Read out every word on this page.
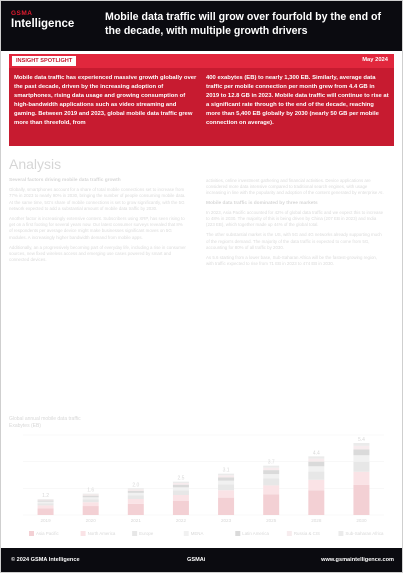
GSMA
Intelligence
Mobile data traffic will grow over fourfold by the end of the decade, with multiple growth drivers
INSIGHT SPOTLIGHT	May 2024
Mobile data traffic has experienced massive growth globally over the past decade, driven by the increasing adoption of smartphones, rising data usage and growing consumption of high-bandwidth applications such as video streaming and gaming. Between 2019 and 2023, global mobile data traffic grew more than threefold, from
400 exabytes (EB) to nearly 1,300 EB. Similarly, average data traffic per mobile connection per month grew from 4.4 GB in 2019 to 12.8 GB in 2023. Mobile data traffic will continue to rise at a significant rate through to the end of the decade, reaching more than 5,400 EB globally by 2030 (nearly 50 GB per mobile connection on average).
Analysis
Several factors driving mobile data traffic growth

Globally, smartphones account for a share of total mobile connections set to increase from 77% in 2023 to nearly 90% in 2030, bringing the number of people consuming mobile data. At the same time, 5G's share of mobile connections is set to grow significantly, with the 5G network expected to add a substantial amount of mobile data traffic by 2030.

Another factor is increasingly extensive content. Subscribers using XRP, has seen rising to get on a first footing for several years now. Our latest consumer surveys revealed that 8% of respondents per average device might make businesses significant moves on 5G modules. A increasingly higher bandwidth demand from mobile apps.

Additionally, an a progressively becoming part of everyday life, including a rise in consumer sources, new fixed wireless access and emerging use cases powered by smart and connected devices.

activities, online investment gathering and financial activities. Device applications are considered more data intensive compared to traditional search engines, with usage increasing in line with the popularity and adoption of the content generated by enterprise AI.

Mobile data traffic is dominated by three markets

In 2023, Asia Pacific accounted for 42% of global data traffic and we expect this to increase to 48% in 2030. The majority of this is being driven by China (207 EB in 2023) and India (223 EB), which together made up 44% of the global total.

The other substantial market is the US, with 5G and 4G networks already supporting much of the region's demand. The majority of the data traffic is expected to come from 5G, accounting for 80% of all traffic by 2030.

As 5.6 starting from a lower base, Sub-Saharan Africa will be the fastest-growing region, with traffic expected to rise from 71 EB in 2023 to 474 EB in 2030.

Global annual mobile data traffic
Exabytes (EB)
1.2
2019
1.6
2020
2.0
2021
2.5
2022
3.1
2023
3.7
2025
4.4
2028
5.4
2030
Asia Pacific	North America	Europe	MENA	Latin America	Russia & CIS	Sub-Saharan Africa
© 2024 GSMA Intelligence	GSMAi	www.gsmaintelligence.com
